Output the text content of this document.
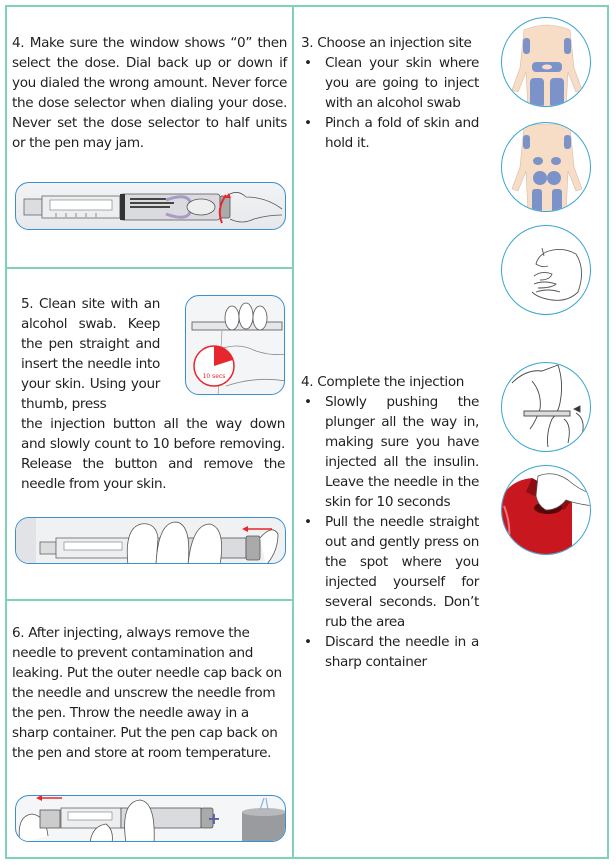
4. Make sure the window shows “0” then select the dose. Dial back up or down if you dialed the wrong amount. Never force the dose selector when dialing your dose. Never set the dose selector to half units or the pen may jam.
5. Clean site with an alcohol swab. Keep the pen straight and insert the needle into your skin. Using your thumb, press
the injection button all the way down and slowly count to 10 before removing. Release the button and remove the needle from your skin.
10 secs
6. After injecting, always remove the needle to prevent contamination and leaking. Put the outer needle cap back on the needle and unscrew the needle from the pen. Throw the needle away in a sharp container. Put the pen cap back on the pen and store at room temperature.
+
3. Choose an injection site
• Clean your skin where you are going to inject with an alcohol swab
• Pinch a fold of skin and hold it.
4. Complete the injection
• Slowly pushing the plunger all the way in, making sure you have injected all the insulin. Leave the needle in the skin for 10 seconds
• Pull the needle straight out and gently press on the spot where you injected yourself for several seconds. Don’t rub the area
• Discard the needle in a sharp container
